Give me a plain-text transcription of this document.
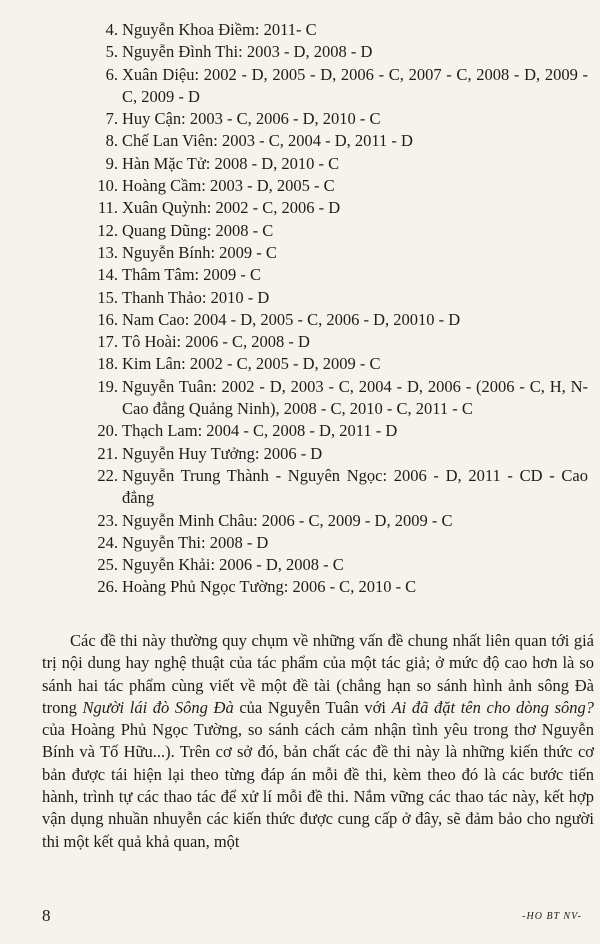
4. Nguyễn Khoa Điềm: 2011- C
5. Nguyễn Đình Thi: 2003 - D, 2008 - D
6. Xuân Diệu: 2002 - D, 2005 - D, 2006 - C, 2007 - C, 2008 - D, 2009 - C, 2009 - D
7. Huy Cận: 2003 - C, 2006 - D, 2010 - C
8. Chế Lan Viên: 2003 - C, 2004 - D, 2011 - D
9. Hàn Mặc Tử: 2008 - D, 2010 - C
10. Hoàng Cầm: 2003 - D, 2005 - C
11. Xuân Quỳnh: 2002 - C, 2006 - D
12. Quang Dũng: 2008 - C
13. Nguyễn Bính: 2009 - C
14. Thâm Tâm: 2009 - C
15. Thanh Thảo: 2010 - D
16. Nam Cao: 2004 - D, 2005 - C, 2006 - D, 20010 - D
17. Tô Hoài: 2006 - C, 2008 - D
18. Kim Lân: 2002 - C, 2005 - D, 2009 - C
19. Nguyễn Tuân: 2002 - D, 2003 - C, 2004 - D, 2006 - (2006 - C, H, N- Cao đẳng Quảng Ninh), 2008 - C, 2010 - C, 2011 - C
20. Thạch Lam: 2004 - C, 2008 - D, 2011 - D
21. Nguyễn Huy Tưởng: 2006 - D
22. Nguyễn Trung Thành - Nguyên Ngọc: 2006 - D, 2011 - CD - Cao đẳng
23. Nguyễn Minh Châu: 2006 - C, 2009 - D, 2009 - C
24. Nguyễn Thi: 2008 - D
25. Nguyễn Khải: 2006 - D, 2008 - C
26. Hoàng Phủ Ngọc Tường: 2006 - C, 2010 - C

Các đề thi này thường quy chụm về những vấn đề chung nhất liên quan tới giá trị nội dung hay nghệ thuật của tác phẩm của một tác giả; ở mức độ cao hơn là so sánh hai tác phẩm cùng viết về một đề tài (chẳng hạn so sánh hình ảnh sông Đà trong Người lái đò Sông Đà của Nguyễn Tuân với Ai đã đặt tên cho dòng sông? của Hoàng Phủ Ngọc Tường, so sánh cách cảm nhận tình yêu trong thơ Nguyễn Bính và Tố Hữu...). Trên cơ sở đó, bản chất các đề thi này là những kiến thức cơ bản được tái hiện lại theo từng đáp án mỗi đề thi, kèm theo đó là các bước tiến hành, trình tự các thao tác để xử lí mỗi đề thi. Nắm vững các thao tác này, kết hợp vận dụng nhuần nhuyễn các kiến thức được cung cấp ở đây, sẽ đảm bảo cho người thi một kết quả khả quan, một

8	-HO BT NV-
